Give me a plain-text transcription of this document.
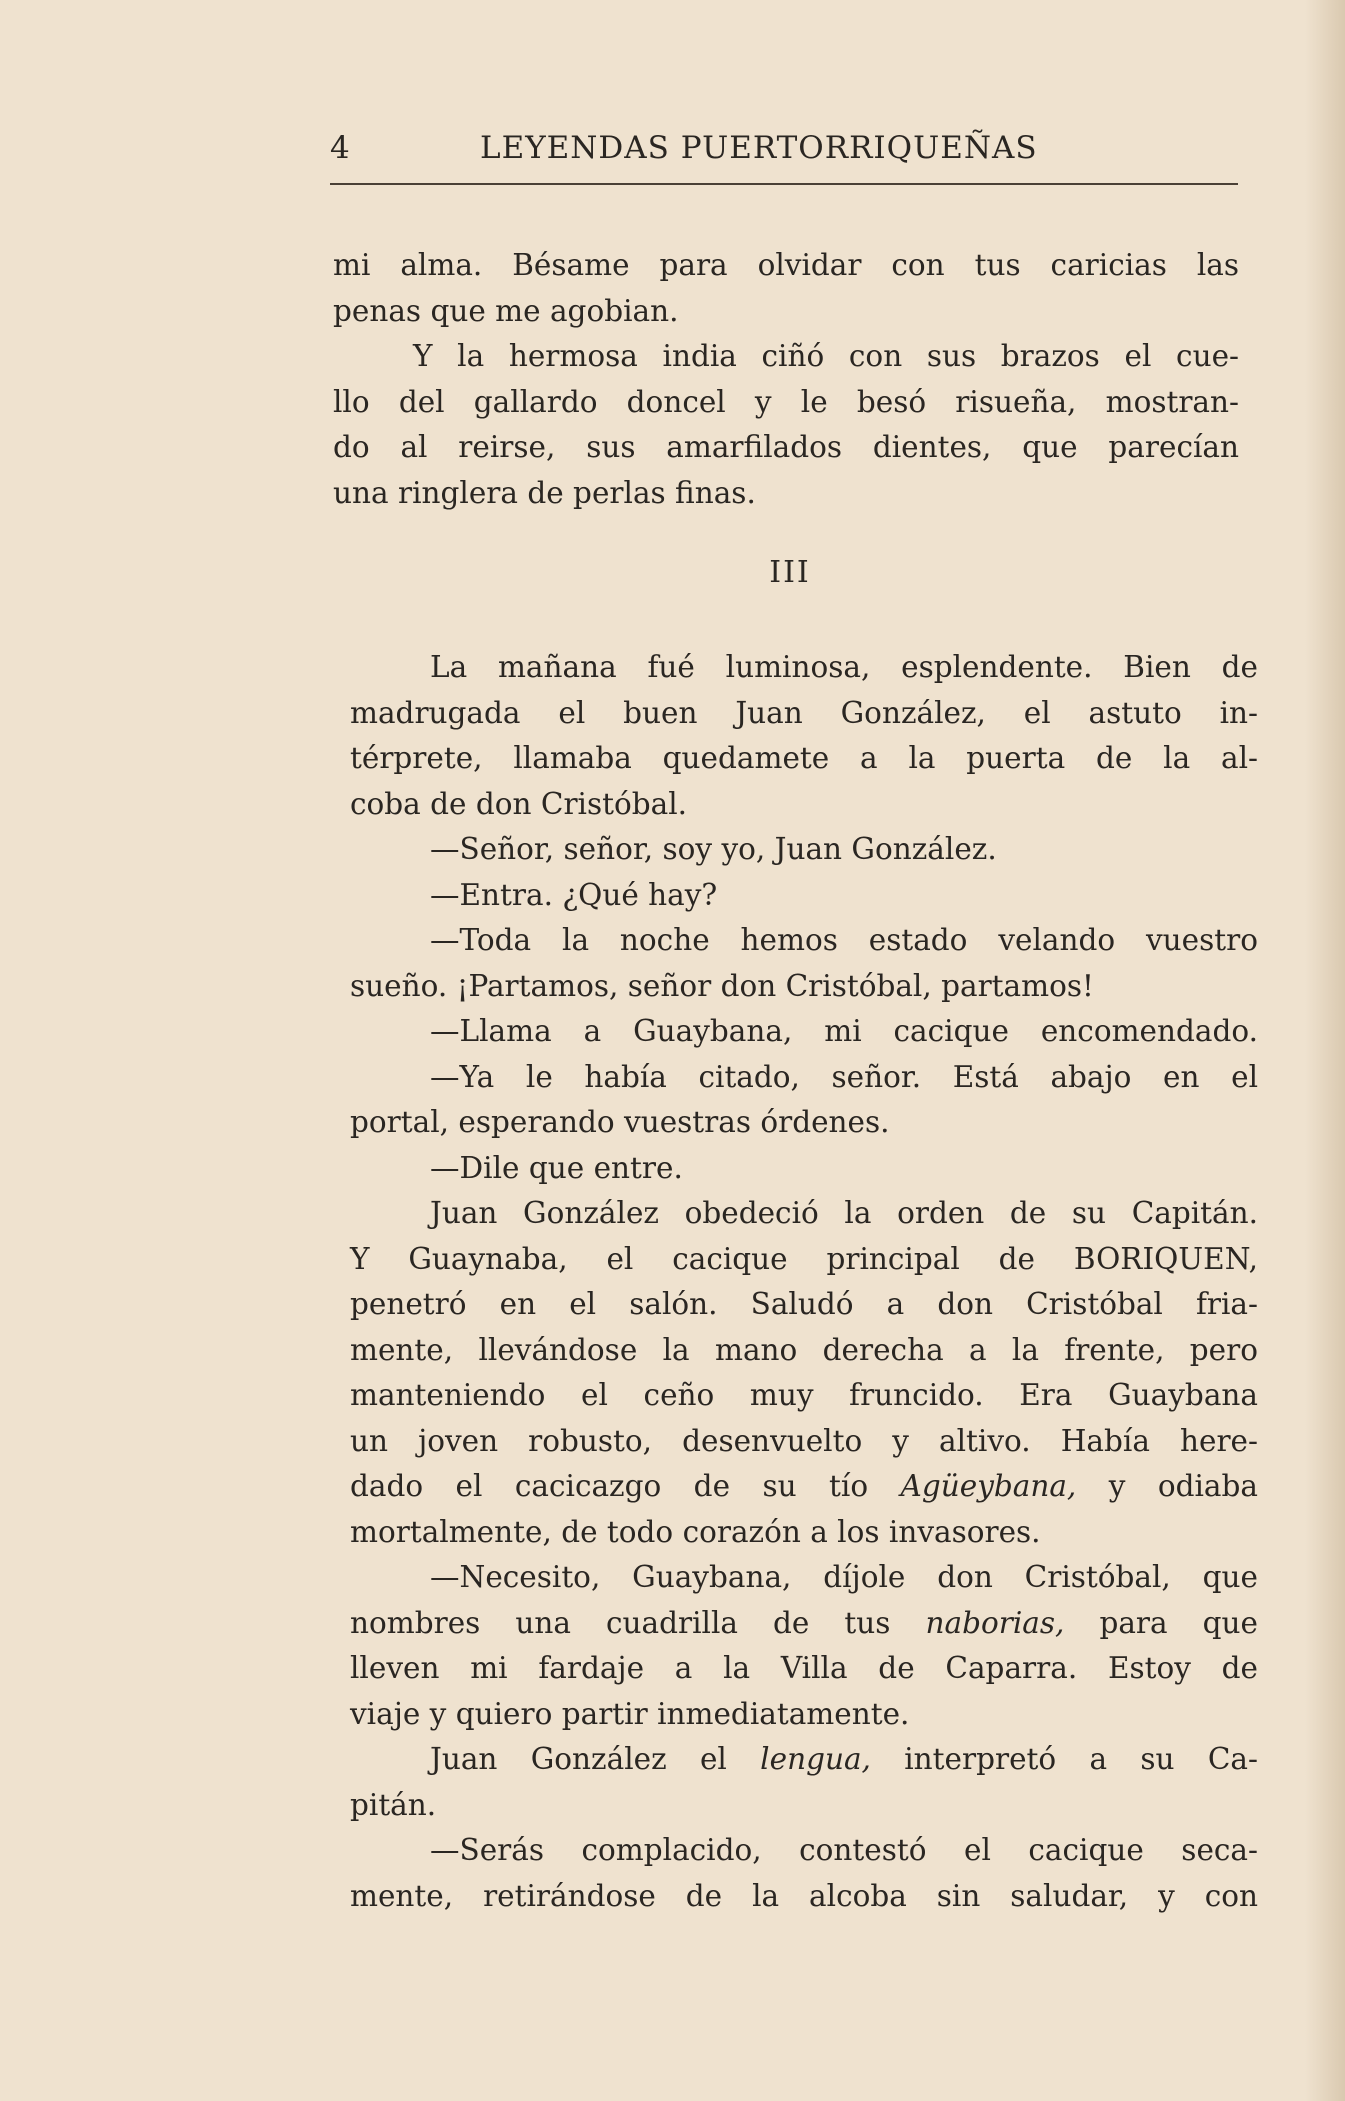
4	LEYENDAS PUERTORRIQUEÑAS
mi alma. Bésame para olvidar con tus caricias las
penas que me agobian.
Y la hermosa india ciñó con sus brazos el cue-
llo del gallardo doncel y le besó risueña, mostran-
do al reirse, sus amarfilados dientes, que parecían
una ringlera de perlas finas.
III
La mañana fué luminosa, esplendente. Bien de
madrugada el buen Juan González, el astuto in-
térprete, llamaba quedamete a la puerta de la al-
coba de don Cristóbal.
—Señor, señor, soy yo, Juan González.
—Entra. ¿Qué hay?
—Toda la noche hemos estado velando vuestro
sueño. ¡Partamos, señor don Cristóbal, partamos!
—Llama a Guaybana, mi cacique encomendado.
—Ya le había citado, señor. Está abajo en el
portal, esperando vuestras órdenes.
—Dile que entre.
Juan González obedeció la orden de su Capitán.
Y Guaynaba, el cacique principal de BORIQUEN,
penetró en el salón. Saludó a don Cristóbal fria-
mente, llevándose la mano derecha a la frente, pero
manteniendo el ceño muy fruncido. Era Guaybana
un joven robusto, desenvuelto y altivo. Había here-
dado el cacicazgo de su tío Agüeybana, y odiaba
mortalmente, de todo corazón a los invasores.
—Necesito, Guaybana, díjole don Cristóbal, que
nombres una cuadrilla de tus naborias, para que
lleven mi fardaje a la Villa de Caparra. Estoy de
viaje y quiero partir inmediatamente.
Juan González el lengua, interpretó a su Ca-
pitán.
—Serás complacido, contestó el cacique seca-
mente, retirándose de la alcoba sin saludar, y con
